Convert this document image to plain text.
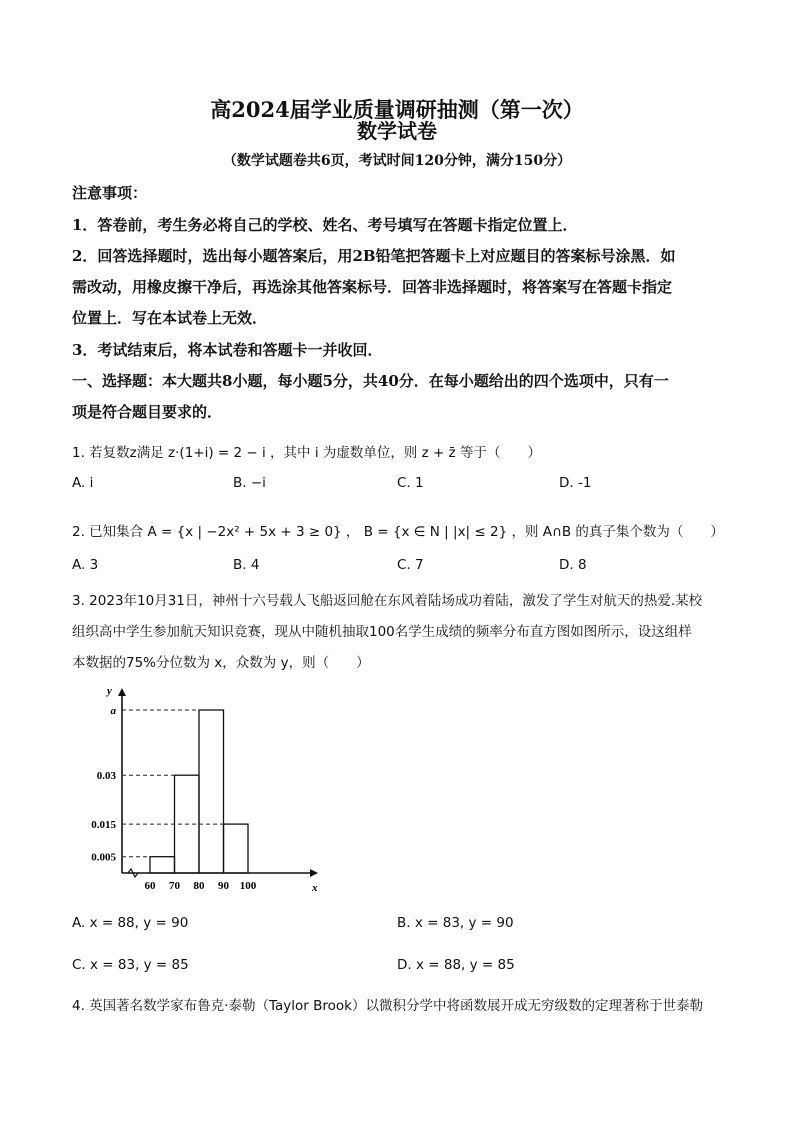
高2024届学业质量调研抽测（第一次）
数学试卷
（数学试题卷共6页，考试时间120分钟，满分150分）
注意事项：
1．答卷前，考生务必将自己的学校、姓名、考号填写在答题卡指定位置上．
2．回答选择题时，选出每小题答案后，用2B铅笔把答题卡上对应题目的答案标号涂黑．如
需改动，用橡皮擦干净后，再选涂其他答案标号．回答非选择题时，将答案写在答题卡指定
位置上．写在本试卷上无效．
3．考试结束后，将本试卷和答题卡一并收回．
一、选择题：本大题共8小题，每小题5分，共40分．在每小题给出的四个选项中，只有一
项是符合题目要求的．
1. 若复数z满足 z·(1+i) = 2 − i ，其中 i 为虚数单位，则 z + z̄ 等于（　　）
A. i	B. −i	C. 1	D. -1
2. 已知集合 A = {x | −2x² + 5x + 3 ≥ 0} ， B = {x ∈ N | |x| ≤ 2} ，则 A∩B 的真子集个数为（　　）
A. 3	B. 4	C. 7	D. 8
3. 2023年10月31日，神州十六号载人飞船返回舱在东风着陆场成功着陆，激发了学生对航天的热爱.某校
组织高中学生参加航天知识竞赛，现从中随机抽取100名学生成绩的频率分布直方图如图所示，设这组样
本数据的75%分位数为 x，众数为 y，则（　　）
y
x
0.005
0.015
0.03
a
60 70 80 90 100
A. x = 88, y = 90	B. x = 83, y = 90
C. x = 83, y = 85	D. x = 88, y = 85
4. 英国著名数学家布鲁克·泰勒（Taylor Brook）以微积分学中将函数展开成无穷级数的定理著称于世泰勒
